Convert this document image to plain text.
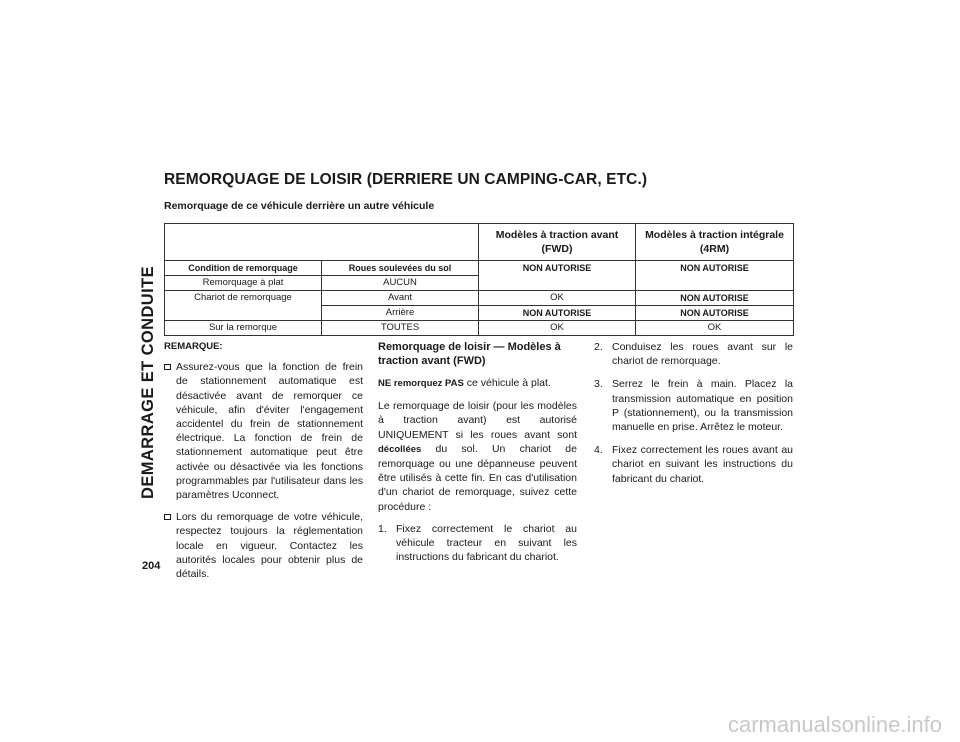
DEMARRAGE ET CONDUITE
204
REMORQUAGE DE LOISIR (DERRIERE UN CAMPING-CAR, ETC.)
Remorquage de ce véhicule derrière un autre véhicule
		Modèles à traction avant (FWD)	Modèles à traction intégrale (4RM)
Condition de remorquage	Roues soulevées du sol	NON AUTORISE	NON AUTORISE
Remorquage à plat	AUCUN		
Chariot de remorquage	Avant	OK	NON AUTORISE
	Arrière	NON AUTORISE	NON AUTORISE
Sur la remorque	TOUTES	OK	OK

REMARQUE:

Assurez-vous que la fonction de frein de stationnement automatique est désactivée avant de remorquer ce véhicule, afin d'éviter l'engagement accidentel du frein de stationnement électrique. La fonction de frein de stationnement automatique peut être activée ou désactivée via les fonctions programmables par l'utilisateur dans les paramètres Uconnect.
Lors du remorquage de votre véhicule, respectez toujours la réglementation locale en vigueur. Contactez les autorités locales pour obtenir plus de détails.

Remorquage de loisir — Modèles à traction avant (FWD)

NE remorquez PAS ce véhicule à plat.

Le remorquage de loisir (pour les modèles à traction avant) est autorisé UNIQUEMENT si les roues avant sont décollées du sol. Un chariot de remorquage ou une dépanneuse peuvent être utilisés à cette fin. En cas d'utilisation d'un chariot de remorquage, suivez cette procédure :

1. Fixez correctement le chariot au véhicule tracteur en suivant les instructions du fabricant du chariot.
2. Conduisez les roues avant sur le chariot de remorquage.
3. Serrez le frein à main. Placez la transmission automatique en position P (stationnement), ou la transmission manuelle en prise. Arrêtez le moteur.
4. Fixez correctement les roues avant au chariot en suivant les instructions du fabricant du chariot.
carmanualsonline.info
